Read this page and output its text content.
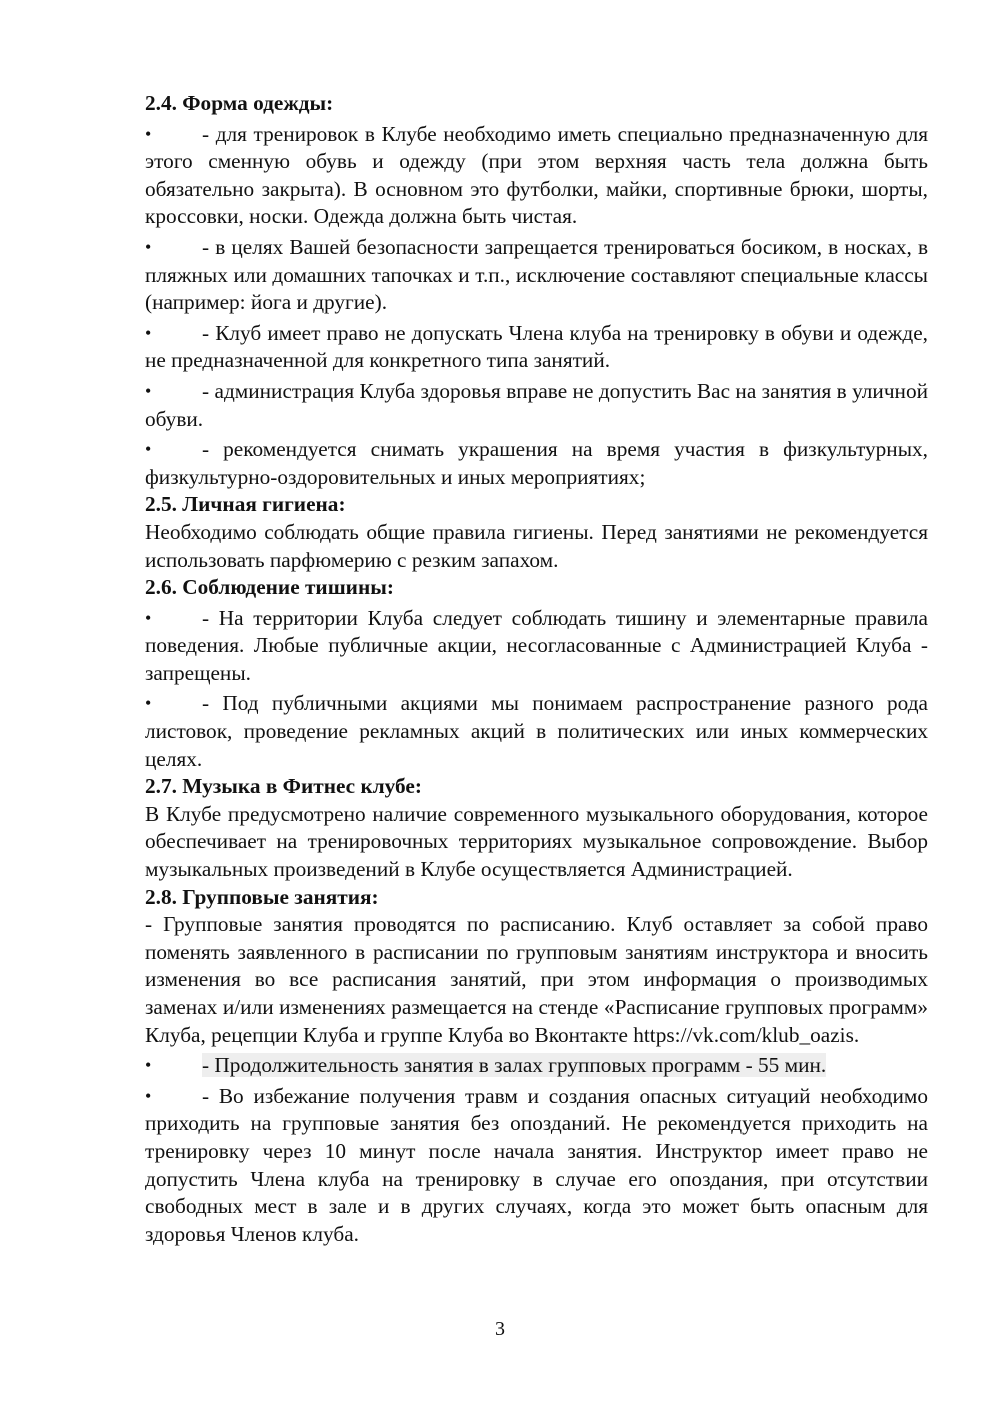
2.4. Форма одежды:
• - для тренировок в Клубе необходимо иметь специально предназначенную для этого сменную обувь и одежду (при этом верхняя часть тела должна быть обязательно закрыта). В основном это футболки, майки, спортивные брюки, шорты, кроссовки, носки. Одежда должна быть чистая.
• - в целях Вашей безопасности запрещается тренироваться босиком, в носках, в пляжных или домашних тапочках и т.п., исключение составляют специальные классы (например: йога и другие).
• - Клуб имеет право не допускать Члена клуба на тренировку в обуви и одежде, не предназначенной для конкретного типа занятий.
• - администрация Клуба здоровья вправе не допустить Вас на занятия в уличной обуви.
• - рекомендуется снимать украшения на время участия в физкультурных, физкультурно-оздоровительных и иных мероприятиях;
2.5. Личная гигиена:
Необходимо соблюдать общие правила гигиены. Перед занятиями не рекомендуется использовать парфюмерию с резким запахом.
2.6. Соблюдение тишины:
• - На территории Клуба следует соблюдать тишину и элементарные правила поведения. Любые публичные акции, несогласованные с Администрацией Клуба - запрещены.
• - Под публичными акциями мы понимаем распространение разного рода листовок, проведение рекламных акций в политических или иных коммерческих целях.
2.7. Музыка в Фитнес клубе:
В Клубе предусмотрено наличие современного музыкального оборудования, которое обеспечивает на тренировочных территориях музыкальное сопровождение. Выбор музыкальных произведений в Клубе осуществляется Администрацией.
2.8. Групповые занятия:
- Групповые занятия проводятся по расписанию. Клуб оставляет за собой право поменять заявленного в расписании по групповым занятиям инструктора и вносить изменения во все расписания занятий, при этом информация о производимых заменах и/или изменениях размещается на стенде «Расписание групповых программ» Клуба, рецепции Клуба и группе Клуба во Вконтакте https://vk.com/klub_oazis.
• - Продолжительность занятия в залах групповых программ - 55 мин.
• - Во избежание получения травм и создания опасных ситуаций необходимо приходить на групповые занятия без опозданий. Не рекомендуется приходить на тренировку через 10 минут после начала занятия. Инструктор имеет право не допустить Члена клуба на тренировку в случае его опоздания, при отсутствии свободных мест в зале и в других случаях, когда это может быть опасным для здоровья Членов клуба.
3
